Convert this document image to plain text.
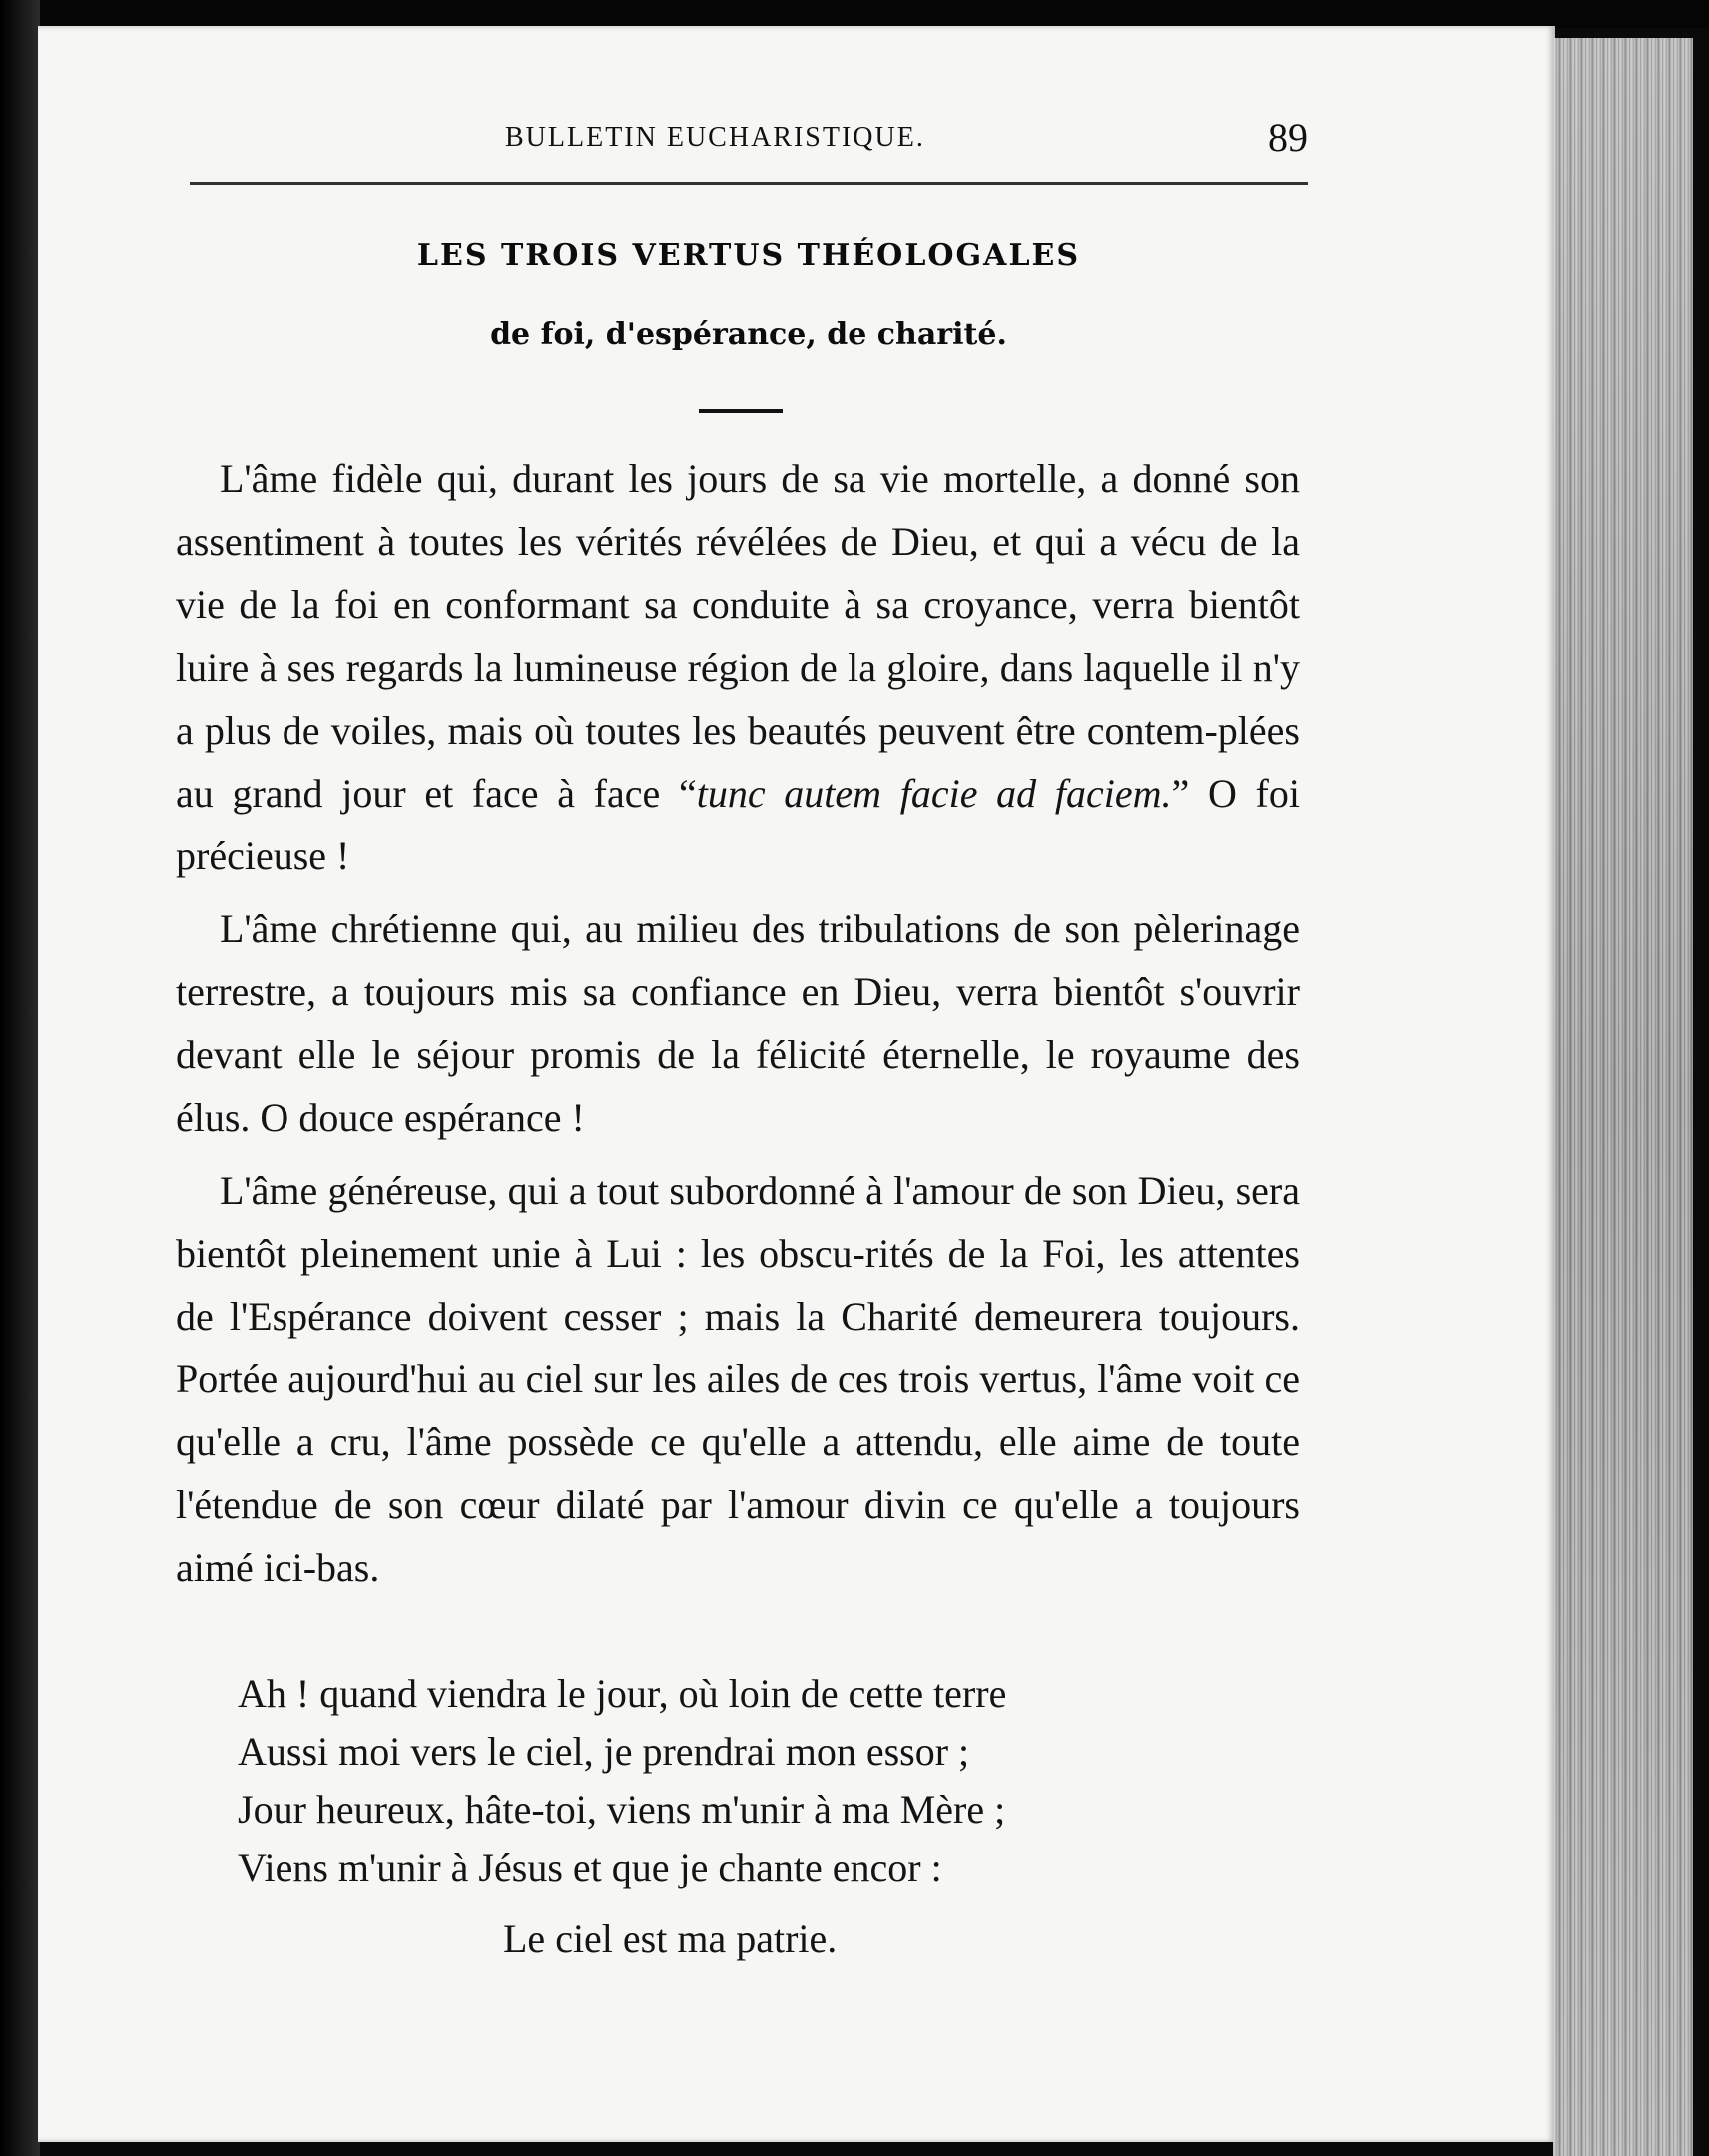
BULLETIN EUCHARISTIQUE.	89
LES TROIS VERTUS THÉOLOGALES
de foi, d'espérance, de charité.

L'âme fidèle qui, durant les jours de sa vie mortelle, a donné son assentiment à toutes les vérités révélées de Dieu, et qui a vécu de la vie de la foi en conformant sa conduite à sa croyance, verra bientôt luire à ses regards la lumineuse région de la gloire, dans laquelle il n'y a plus de voiles, mais où toutes les beautés peuvent être contem-plées au grand jour et face à face “tunc autem facie ad faciem.” O foi précieuse !

L'âme chrétienne qui, au milieu des tribulations de son pèlerinage terrestre, a toujours mis sa confiance en Dieu, verra bientôt s'ouvrir devant elle le séjour promis de la félicité éternelle, le royaume des élus. O douce espérance !

L'âme généreuse, qui a tout subordonné à l'amour de son Dieu, sera bientôt pleinement unie à Lui : les obscu-rités de la Foi, les attentes de l'Espérance doivent cesser ; mais la Charité demeurera toujours. Portée aujourd'hui au ciel sur les ailes de ces trois vertus, l'âme voit ce qu'elle a cru, l'âme possède ce qu'elle a attendu, elle aime de toute l'étendue de son cœur dilaté par l'amour divin ce qu'elle a toujours aimé ici-bas.

Ah ! quand viendra le jour, où loin de cette terre
Aussi moi vers le ciel, je prendrai mon essor ;
Jour heureux, hâte-toi, viens m'unir à ma Mère ;
Viens m'unir à Jésus et que je chante encor :
Le ciel est ma patrie.
